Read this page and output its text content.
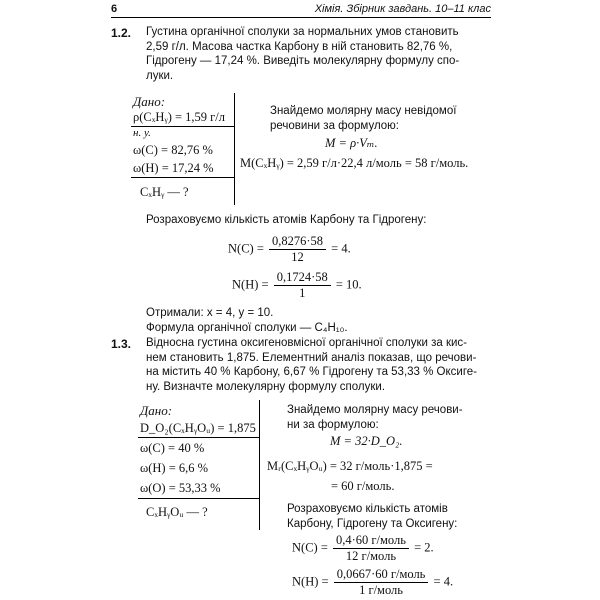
6	Хімія. Збірник завдань. 10–11 клас
1.2. Густина органічної сполуки за нормальних умов становить

2,59 г/л. Масова частка Карбону в ній становить 82,76 %,

Гідрогену — 17,24 %. Виведіть молекулярну формулу спо-

луки.

Дано:
ρ(CₓHᵧ) = 1,59 г/л
н. у.
ω(C) = 82,76 %
ω(H) = 17,24 %
CₓHᵧ — ?

Знайдемо молярну масу невідомої

речовини за формулою:

M = ρ·Vₘ.
M(CₓHᵧ) = 2,59 г/л·22,4 л/моль = 58 г/моль.
Розраховуємо кількість атомів Карбону та Гідрогену:
$N(C) = \frac{0,8276\cdot 58}{12} = 4$.
$N(H) = \frac{0,1724\cdot 58}{1} = 10$.
Отримали: x = 4, y = 10.
Формула органічної сполуки — C₄H₁₀.
1.3. Відносна густина оксигеновмісної органічної сполуки за кис-

нем становить 1,875. Елементний аналіз показав, що речови-

на містить 40 % Карбону, 6,67 % Гідрогену та 53,33 % Оксиге-

ну. Визначте молекулярну формулу сполуки.

Дано:
D_O₂(CₓHᵧOᵤ) = 1,875
ω(C) = 40 %
ω(H) = 6,6 %
ω(O) = 53,33 %
CₓHᵧOᵤ — ?

Знайдемо молярну масу речови-

ни за формулою:

M = 32·D_O₂.
Mᵣ(CₓHᵧOᵤ) = 32 г/моль·1,875 =
= 60 г/моль.

Розраховуємо кількість атомів

Карбону, Гідрогену та Оксигену:

$N(C) = \frac{\text{0,4·60 г/моль}}{\text{12 г/моль}} = 2$.
$N(H) = \frac{\text{0,0667·60 г/моль}}{\text{1 г/моль}} = 4$.
